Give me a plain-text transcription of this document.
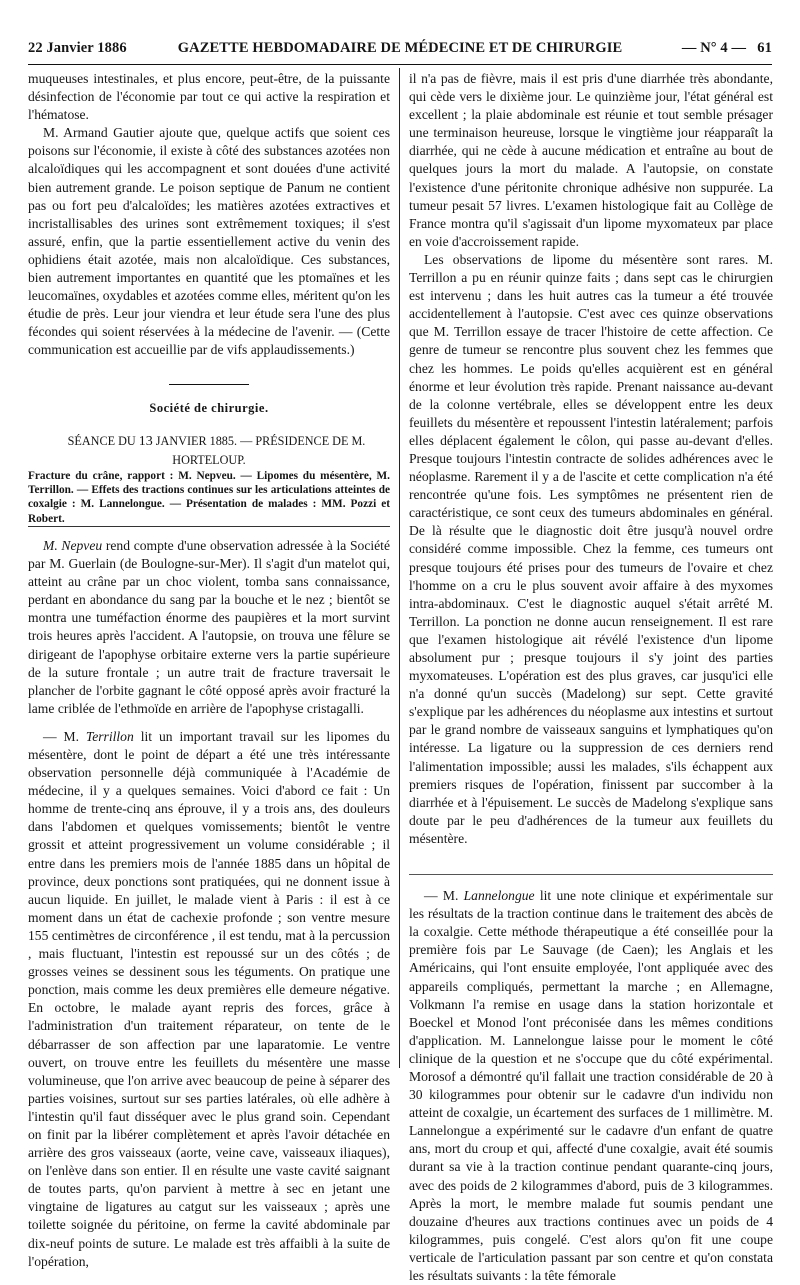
22 Janvier 1886	GAZETTE HEBDOMADAIRE DE MÉDECINE ET DE CHIRURGIE	— N° 4 — 61

muqueuses intestinales, et plus encore, peut-être, de la puissante désinfection de l'économie par tout ce qui active la respiration et l'hématose.

M. Armand Gautier ajoute que, quelque actifs que soient ces poisons sur l'économie, il existe à côté des substances azotées non alcaloïdiques qui les accompagnent et sont douées d'une activité bien autrement grande. Le poison septique de Panum ne contient pas ou fort peu d'alcaloïdes; les matières azotées extractives et incristallisables des urines sont extrêmement toxiques; il s'est assuré, enfin, que la partie essentiellement active du venin des ophidiens était azotée, mais non alcaloïdique. Ces substances, bien autrement importantes en quantité que les ptomaïnes et les leucomaïnes, oxydables et azotées comme elles, méritent qu'on les étudie de près. Leur jour viendra et leur étude sera l'une des plus fécondes qui soient réservées à la médecine de l'avenir. — (Cette communication est accueillie par de vifs applaudissements.)

Société de chirurgie.

SÉANCE DU 13 JANVIER 1885. — PRÉSIDENCE DE M. HORTELOUP.

Fracture du crâne, rapport : M. Nepveu. — Lipomes du mésentère, M. Terrillon. — Effets des tractions continues sur les articulations atteintes de coxalgie : M. Lannelongue. — Présentation de malades : MM. Pozzi et Robert.

M. Nepveu rend compte d'une observation adressée à la Société par M. Guerlain (de Boulogne-sur-Mer). Il s'agit d'un matelot qui, atteint au crâne par un choc violent, tomba sans connaissance, perdant en abondance du sang par la bouche et le nez ; bientôt se montra une tuméfaction énorme des paupières et la mort survint trois heures après l'accident. A l'autopsie, on trouva une fêlure se dirigeant de l'apophyse orbitaire externe vers la partie supérieure de la suture frontale ; un autre trait de fracture traversait le plancher de l'orbite gagnant le côté opposé après avoir fracturé la lame criblée de l'ethmoïde en arrière de l'apophyse cristagalli.

— M. Terrillon lit un important travail sur les lipomes du mésentère, dont le point de départ a été une très intéressante observation personnelle déjà communiquée à l'Académie de médecine, il y a quelques semaines. Voici d'abord ce fait : Un homme de trente-cinq ans éprouve, il y a trois ans, des douleurs dans l'abdomen et quelques vomissements; bientôt le ventre grossit et atteint progressivement un volume considérable ; il entre dans les premiers mois de l'année 1885 dans un hôpital de province, deux ponctions sont pratiquées, qui ne donnent issue à aucun liquide. En juillet, le malade vient à Paris : il est à ce moment dans un état de cachexie profonde ; son ventre mesure 155 centimètres de circonférence , il est tendu, mat à la percussion , mais fluctuant, l'intestin est repoussé sur un des côtés ; de grosses veines se dessinent sous les téguments. On pratique une ponction, mais comme les deux premières elle demeure négative. En octobre, le malade ayant repris des forces, grâce à l'administration d'un traitement réparateur, on tente de le débarrasser de son affection par une laparatomie. Le ventre ouvert, on trouve entre les feuillets du mésentère une masse volumineuse, que l'on arrive avec beaucoup de peine à séparer des parties voisines, surtout sur ses parties latérales, où elle adhère à l'intestin qu'il faut disséquer avec le plus grand soin. Cependant on finit par la libérer complètement et après l'avoir détachée en arrière des gros vaisseaux (aorte, veine cave, vaisseaux iliaques), on l'enlève dans son entier. Il en résulte une vaste cavité saignant de toutes parts, qu'on parvient à mettre à sec en jetant une vingtaine de ligatures au catgut sur les vaisseaux ; après une toilette soignée du péritoine, on ferme la cavité abdominale par dix-neuf points de suture. Le malade est très affaibli à la suite de l'opération,

il n'a pas de fièvre, mais il est pris d'une diarrhée très abondante, qui cède vers le dixième jour. Le quinzième jour, l'état général est excellent ; la plaie abdominale est réunie et tout semble présager une terminaison heureuse, lorsque le vingtième jour réapparaît la diarrhée, qui ne cède à aucune médication et entraîne au bout de quelques jours la mort du malade. A l'autopsie, on constate l'existence d'une péritonite chronique adhésive non suppurée. La tumeur pesait 57 livres. L'examen histologique fait au Collège de France montra qu'il s'agissait d'un lipome myxomateux par place en voie d'accroissement rapide.

Les observations de lipome du mésentère sont rares. M. Terrillon a pu en réunir quinze faits ; dans sept cas le chirurgien est intervenu ; dans les huit autres cas la tumeur a été trouvée accidentellement à l'autopsie. C'est avec ces quinze observations que M. Terrillon essaye de tracer l'histoire de cette affection. Ce genre de tumeur se rencontre plus souvent chez les femmes que chez les hommes. Le poids qu'elles acquièrent est en général énorme et leur évolution très rapide. Prenant naissance au-devant de la colonne vertébrale, elles se développent entre les deux feuillets du mésentère et repoussent l'intestin latéralement; parfois elles déplacent également le côlon, qui passe au-devant d'elles. Presque toujours l'intestin contracte de solides adhérences avec le néoplasme. Rarement il y a de l'ascite et cette complication n'a été rencontrée qu'une fois. Les symptômes ne présentent rien de caractéristique, ce sont ceux des tumeurs abdominales en général. De là résulte que le diagnostic doit être jusqu'à nouvel ordre considéré comme impossible. Chez la femme, ces tumeurs ont presque toujours été prises pour des tumeurs de l'ovaire et chez l'homme on a cru le plus souvent avoir affaire à des myxomes intra-abdominaux. C'est le diagnostic auquel s'était arrêté M. Terrillon. La ponction ne donne aucun renseignement. Il est rare que l'examen histologique ait révélé l'existence d'un lipome absolument pur ; presque toujours il s'y joint des parties myxomateuses. L'opération est des plus graves, car jusqu'ici elle n'a donné qu'un succès (Madelong) sur sept. Cette gravité s'explique par les adhérences du néoplasme aux intestins et surtout par le grand nombre de vaisseaux sanguins et lymphatiques qu'on intéresse. La ligature ou la suppression de ces derniers rend l'alimentation impossible; aussi les malades, s'ils échappent aux premiers risques de l'opération, finissent par succomber à la diarrhée et à l'épuisement. Le succès de Madelong s'explique sans doute par le peu d'adhérences de la tumeur aux feuillets du mésentère.

— M. Lannelongue lit une note clinique et expérimentale sur les résultats de la traction continue dans le traitement des abcès de la coxalgie. Cette méthode thérapeutique a été conseillée pour la première fois par Le Sauvage (de Caen); les Anglais et les Américains, qui l'ont ensuite employée, l'ont appliquée avec des appareils compliqués, permettant la marche ; en Allemagne, Volkmann l'a remise en usage dans la station horizontale et Boeckel et Monod l'ont préconisée dans les mêmes conditions d'application. M. Lannelongue laisse pour le moment le côté clinique de la question et ne s'occupe que du côté expérimental. Morosof a démontré qu'il fallait une traction considérable de 20 à 30 kilogrammes pour obtenir sur le cadavre d'un individu non atteint de coxalgie, un écartement des surfaces de 1 millimètre. M. Lannelongue a expérimenté sur le cadavre d'un enfant de quatre ans, mort du croup et qui, affecté d'une coxalgie, avait été soumis durant sa vie à la traction continue pendant quarante-cinq jours, avec des poids de 2 kilogrammes d'abord, puis de 3 kilogrammes. Après la mort, le membre malade fut soumis pendant une douzaine d'heures aux tractions continues avec un poids de 4 kilogrammes, puis congelé. C'est alors qu'on fit une coupe verticale de l'articulation passant par son centre et qu'on constata les résultats suivants : la tête fémorale
